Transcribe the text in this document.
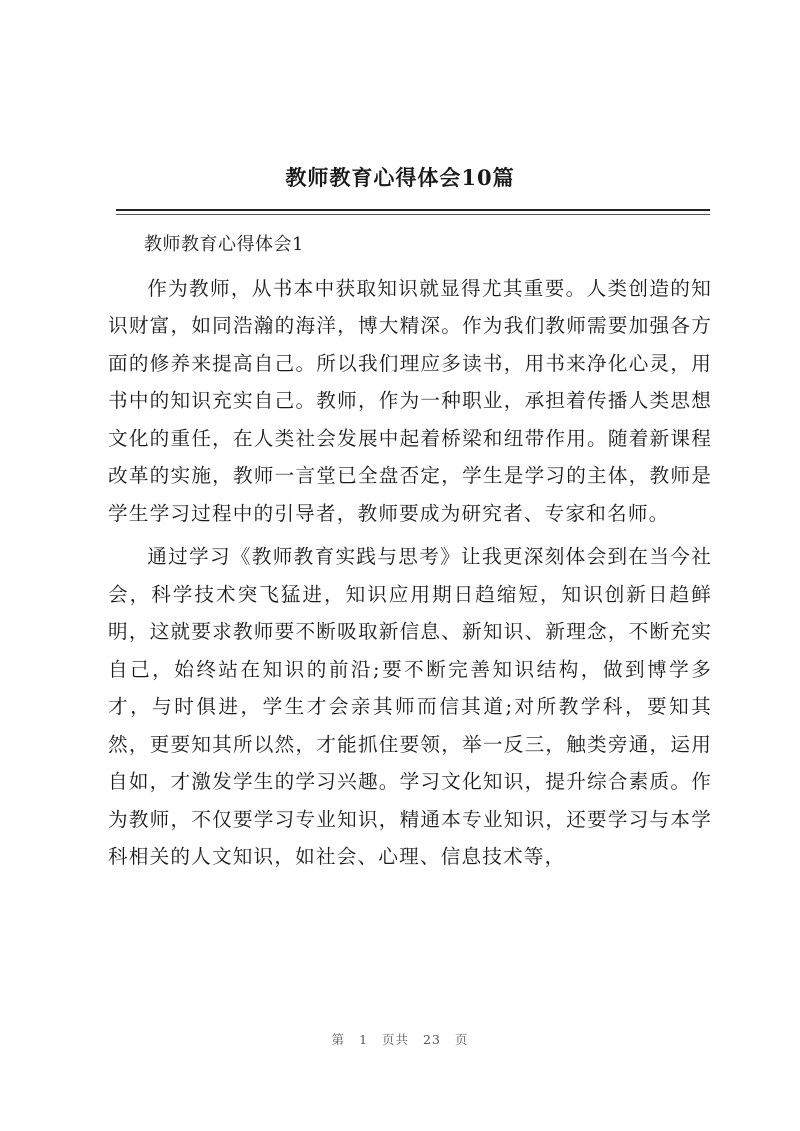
教师教育心得体会10篇

教师教育心得体会1

作为教师，从书本中获取知识就显得尤其重要。人类创造的知识财富，如同浩瀚的海洋，博大精深。作为我们教师需要加强各方面的修养来提高自己。所以我们理应多读书，用书来净化心灵，用书中的知识充实自己。教师，作为一种职业，承担着传播人类思想文化的重任，在人类社会发展中起着桥梁和纽带作用。随着新课程改革的实施，教师一言堂已全盘否定，学生是学习的主体，教师是学生学习过程中的引导者，教师要成为研究者、专家和名师。

通过学习《教师教育实践与思考》让我更深刻体会到在当今社会，科学技术突飞猛进，知识应用期日趋缩短，知识创新日趋鲜明，这就要求教师要不断吸取新信息、新知识、新理念，不断充实自己，始终站在知识的前沿;要不断完善知识结构，做到博学多才，与时俱进，学生才会亲其师而信其道;对所教学科，要知其然，更要知其所以然，才能抓住要领，举一反三，触类旁通，运用自如，才激发学生的学习兴趣。学习文化知识，提升综合素质。作为教师，不仅要学习专业知识，精通本专业知识，还要学习与本学科相关的人文知识，如社会、心理、信息技术等，

第 1 页共 23 页
